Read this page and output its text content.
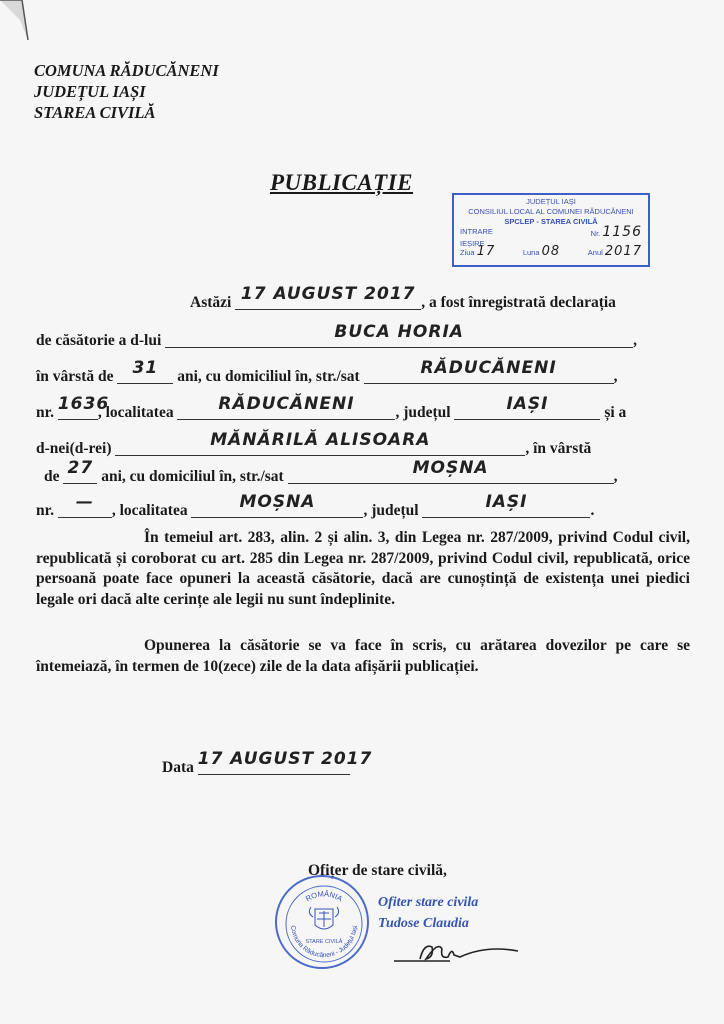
COMUNA RĂDUCĂNENI
JUDEȚUL IAȘI
STAREA CIVILĂ
PUBLICAȚIE
JUDEȚUL IAȘI
CONSILIUL LOCAL AL COMUNEI RĂDUCĂNENI
SPCLEP - STAREA CIVILĂ
INTRARE	Nr. 1156
IEȘIRE
Ziua 17	Luna 08	Anul 2017
Astăzi 17 AUGUST 2017 , a fost înregistrată declarația
de căsătorie a d-lui	BUCA HORIA	,
în vârstă de 31 ani, cu domiciliul în, str./sat	RĂDUCĂNENI	,
nr. 1636, localitatea	RĂDUCĂNENI	, județul	IAȘI	și a
d-nei(d-rei)	MĂNĂRILĂ ALISOARA	, în vârstă
de 27 ani, cu domiciliul în, str./sat	MOȘNA	,
nr. — , localitatea	MOȘNA	, județul	IAȘI	.
În temeiul art. 283, alin. 2 și alin. 3, din Legea nr. 287/2009, privind Codul civil, republicată și coroborat cu art. 285 din Legea nr. 287/2009, privind Codul civil, republicată, orice persoană poate face opuneri la această căsătorie, dacă are cunoștință de existența unei piedici legale ori dacă alte cerințe ale legii nu sunt îndeplinite.
Opunerea la căsătorie se va face în scris, cu arătarea dovezilor pe care se întemeiază, în termen de 10(zece) zile de la data afișării publicației.
Data 17 AUGUST 2017
Ofițer de stare civilă,
ROMÂNIA
Comuna Răducăneni - Județul Iași
STARE CIVILĂ
Ofiter stare civila
Tudose Claudia
